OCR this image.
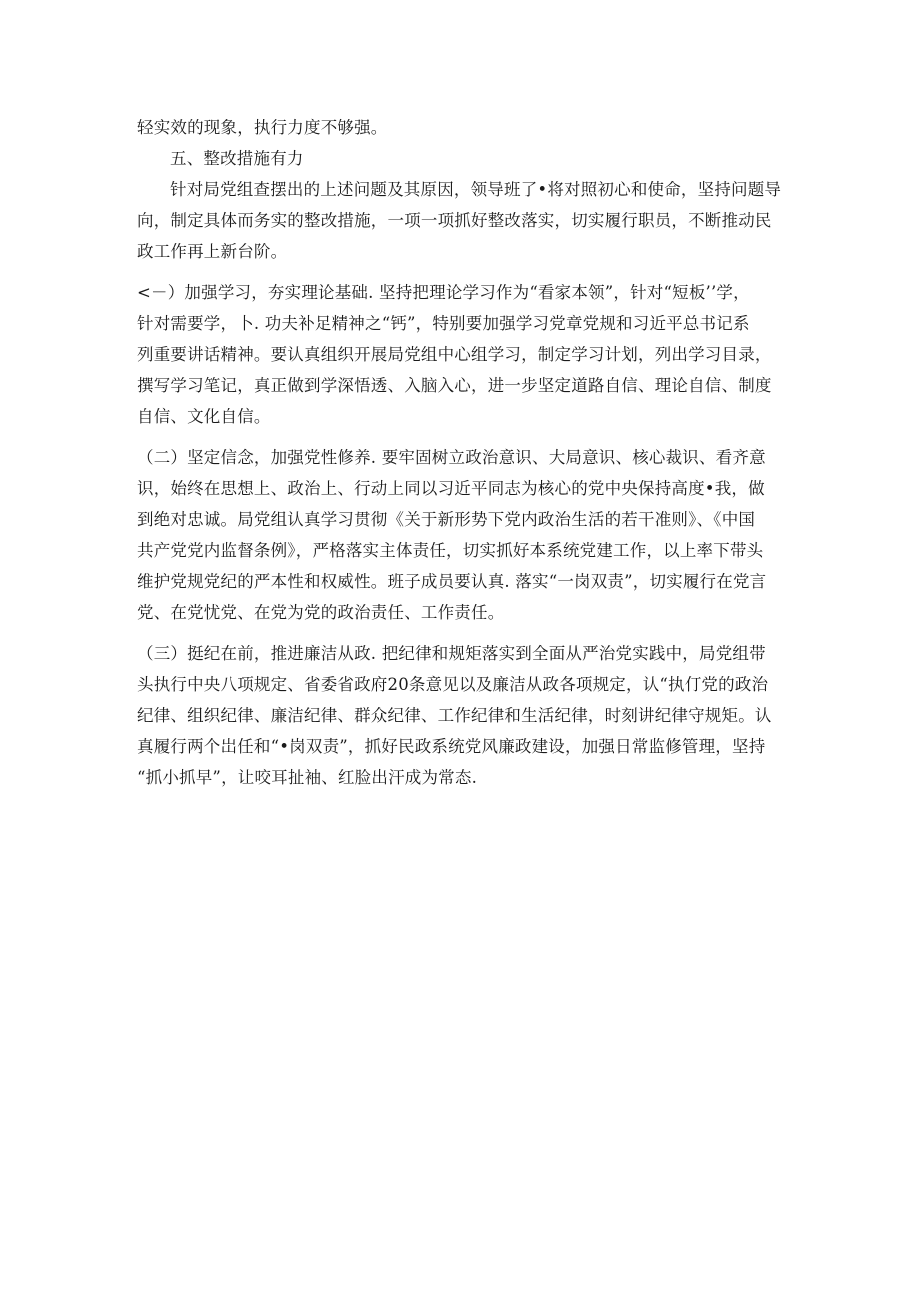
轻实效的现象，执行力度不够强。
五、整改措施有力
针对局党组查摆出的上述问题及其原因，领导班了•将对照初心和使命，坚持问题导
向，制定具体而务实的整改措施，一项一项抓好整改落实，切实履行职员，不断推动民
政工作再上新台阶。
<－）加强学习，夯实理论基础. 坚持把理论学习作为“看家本领”，针对“短板’’学，
针对需要学，卜. 功夫补足精神之“钙”，特别要加强学习党章党规和习近平总书记系
列重要讲话精神。要认真组织开展局党组中心组学习，制定学习计划，列出学习目录，
撰写学习笔记，真正做到学深悟透、入脑入心，进一步坚定道路自信、理论自信、制度
自信、文化自信。
（二）坚定信念，加强党性修养. 要牢固树立政治意识、大局意识、核心裁识、看齐意
识，始终在思想上、政治上、行动上同以习近平同志为核心的党中央保持高度•我，做
到绝对忠诚。局党组认真学习贯彻《关于新形势下党内政治生活的若干准则》、《中国
共产党党内监督条例》，严格落实主体责任，切实抓好本系统党建工作，以上率下带头
维护党规党纪的严本性和权威性。班子成员要认真. 落实“一岗双责”，切实履行在党言
党、在党忧党、在党为党的政治责任、工作责任。
（三）挺纪在前，推进廉洁从政. 把纪律和规矩落实到全面从严治党实践中，局党组带
头执行中央八项规定、省委省政府20条意见以及廉洁从政各项规定，认“执仃党的政治
纪律、组织纪律、廉洁纪律、群众纪律、工作纪律和生活纪律，时刻讲纪律守规矩。认
真履行两个岀任和“•岗双责”，抓好民政系统党风廉政建设，加强日常监修管理，坚持
“抓小抓早”，让咬耳扯袖、红脸出汗成为常态.
